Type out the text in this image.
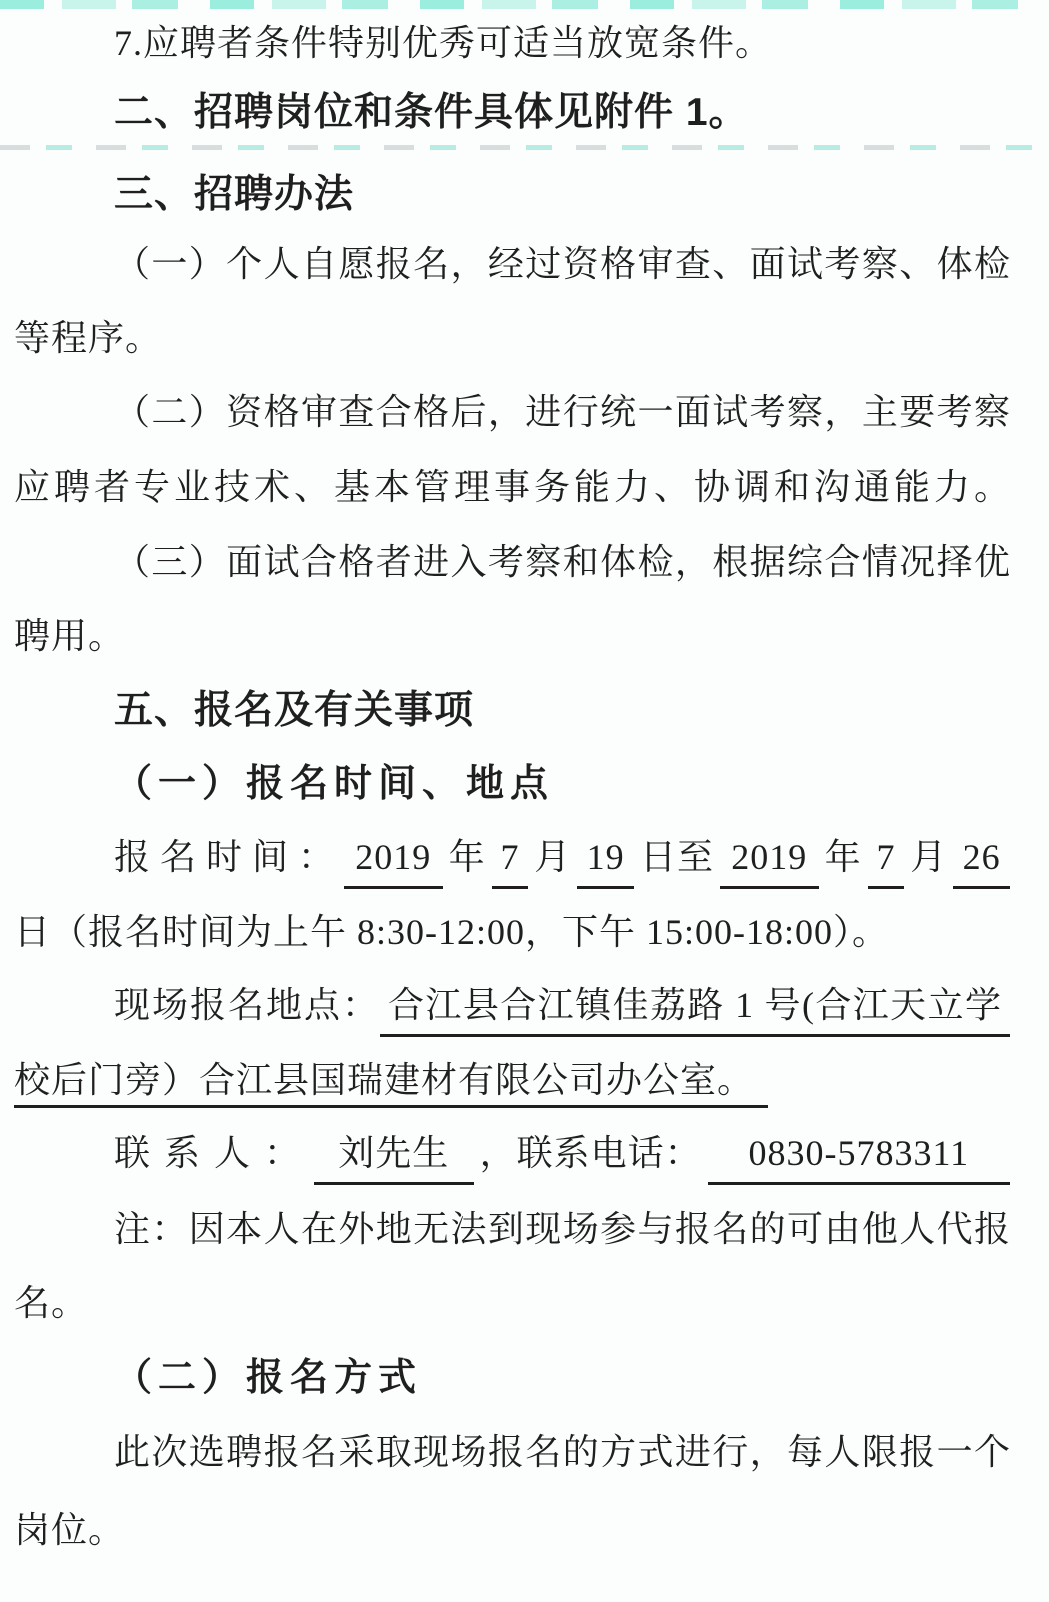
7.应聘者条件特别优秀可适当放宽条件。
二、招聘岗位和条件具体见附件 1。
三、招聘办法
（一）个人自愿报名，经过资格审查、面试考察、体检
等程序。
（二）资格审查合格后，进行统一面试考察，主要考察
应聘者专业技术、基本管理事务能力、协调和沟通能力。
（三）面试合格者进入考察和体检，根据综合情况择优
聘用。
五、报名及有关事项
（一）报名时间、地点
报名时间： 2019 年 7 月 19 日至 2019 年 7 月 26
日（报名时间为上午 8:30-12:00，下午 15:00-18:00）。
现场报名地点： 合江县合江镇佳荔路 1 号(合江天立学
校后门旁）合江县国瑞建材有限公司办公室。
联系人： 刘先生 ，联系电话：	0830-5783311
注：因本人在外地无法到现场参与报名的可由他人代报
名。
（二）报名方式
此次选聘报名采取现场报名的方式进行，每人限报一个
岗位。
